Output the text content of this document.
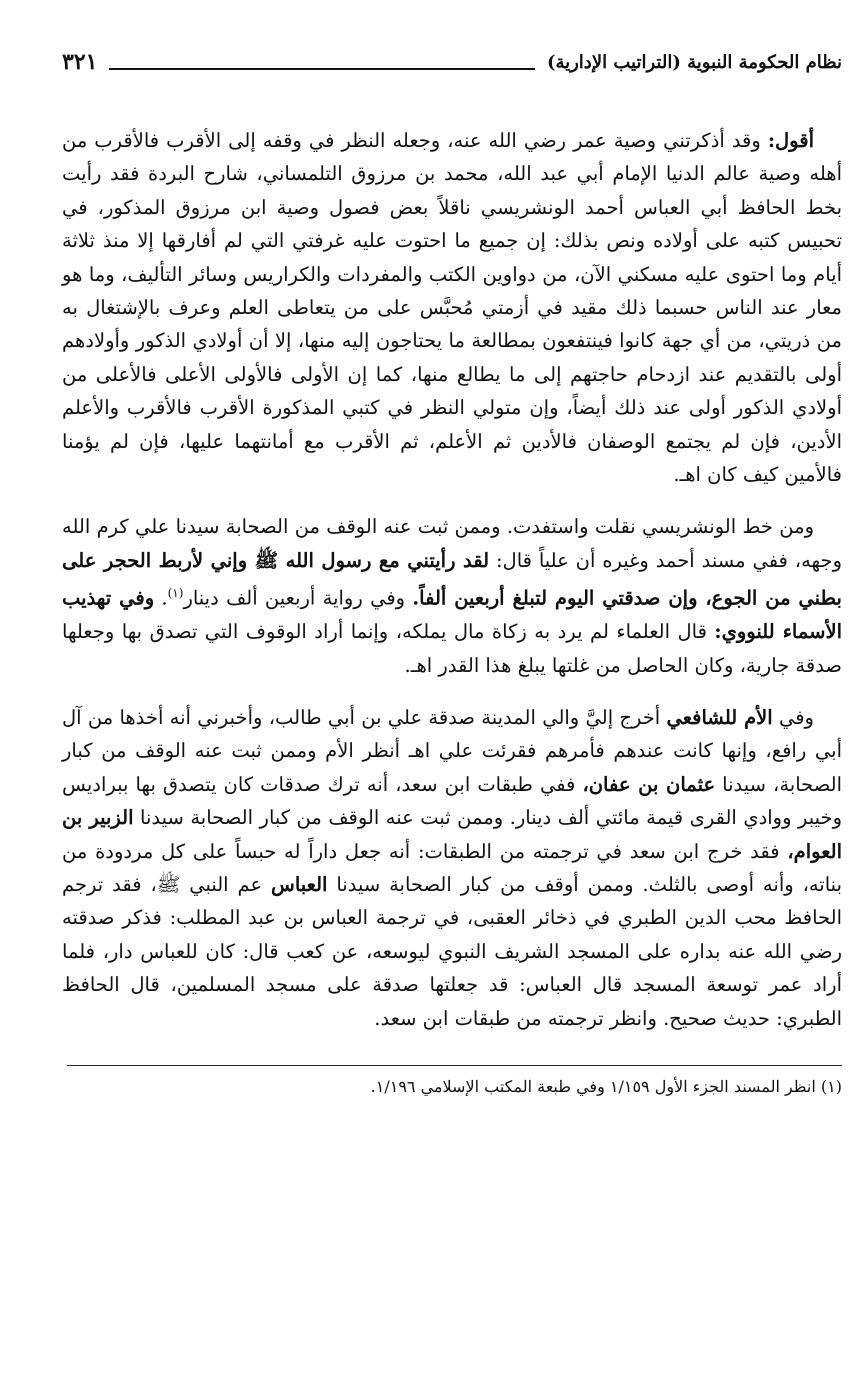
نظام الحكومة النبوية (التراتيب الإدارية)
٣٢١

أقول: وقد أذكرتني وصية عمر رضي الله عنه، وجعله النظر في وقفه إلى الأقرب فالأقرب من أهله وصية عالم الدنيا الإمام أبي عبد الله، محمد بن مرزوق التلمساني، شارح البردة فقد رأيت بخط الحافظ أبي العباس أحمد الونشريسي ناقلاً بعض فصول وصية ابن مرزوق المذكور، في تحبيس كتبه على أولاده ونص بذلك: إن جميع ما احتوت عليه غرفتي التي لم أفارقها إلا منذ ثلاثة أيام وما احتوى عليه مسكني الآن، من دواوين الكتب والمفردات والكراريس وسائر التأليف، وما هو معار عند الناس حسبما ذلك مقيد في أزمتي مُحبَّس على من يتعاطى العلم وعرف بالإشتغال به من ذريتي، من أي جهة كانوا فينتفعون بمطالعة ما يحتاجون إليه منها، إلا أن أولادي الذكور وأولادهم أولى بالتقديم عند ازدحام حاجتهم إلى ما يطالع منها، كما إن الأولى فالأولى الأعلى فالأعلى من أولادي الذكور أولى عند ذلك أيضاً، وإن متولي النظر في كتبي المذكورة الأقرب فالأقرب والأعلم الأدين، فإن لم يجتمع الوصفان فالأدين ثم الأعلم، ثم الأقرب مع أمانتهما عليها، فإن لم يؤمنا فالأمين كيف كان اهـ.

ومن خط الونشريسي نقلت واستفدت. وممن ثبت عنه الوقف من الصحابة سيدنا علي كرم الله وجهه، ففي مسند أحمد وغيره أن علياً قال: لقد رأيتني مع رسول الله ﷺ وإني لأربط الحجر على بطني من الجوع، وإن صدقتي اليوم لتبلغ أربعين ألفاً. وفي رواية أربعين ألف دينار$^{(١)}$. وفي تهذيب الأسماء للنووي: قال العلماء لم يرد به زكاة مال يملكه، وإنما أراد الوقوف التي تصدق بها وجعلها صدقة جارية، وكان الحاصل من غلتها يبلغ هذا القدر اهـ.

وفي الأم للشافعي أخرج إليَّ والي المدينة صدقة علي بن أبي طالب، وأخبرني أنه أخذها من آل أبي رافع، وإنها كانت عندهم فأمرهم فقرئت علي اهـ أنظر الأم وممن ثبت عنه الوقف من كبار الصحابة، سيدنا عثمان بن عفان، ففي طبقات ابن سعد، أنه ترك صدقات كان يتصدق بها ببراديس وخيبر ووادي القرى قيمة مائتي ألف دينار. وممن ثبت عنه الوقف من كبار الصحابة سيدنا الزبير بن العوام، فقد خرج ابن سعد في ترجمته من الطبقات: أنه جعل داراً له حبساً على كل مردودة من بناته، وأنه أوصى بالثلث. وممن أوقف من كبار الصحابة سيدنا العباس عم النبي ﷺ، فقد ترجم الحافظ محب الدين الطبري في ذخائر العقبى، في ترجمة العباس بن عبد المطلب: فذكر صدقته رضي الله عنه بداره على المسجد الشريف النبوي ليوسعه، عن كعب قال: كان للعباس دار، فلما أراد عمر توسعة المسجد قال العباس: قد جعلتها صدقة على مسجد المسلمين، قال الحافظ الطبري: حديث صحيح. وانظر ترجمته من طبقات ابن سعد.

(١) انظر المسند الجزء الأول ١/١٥٩ وفي طبعة المكتب الإسلامي ١/١٩٦.
